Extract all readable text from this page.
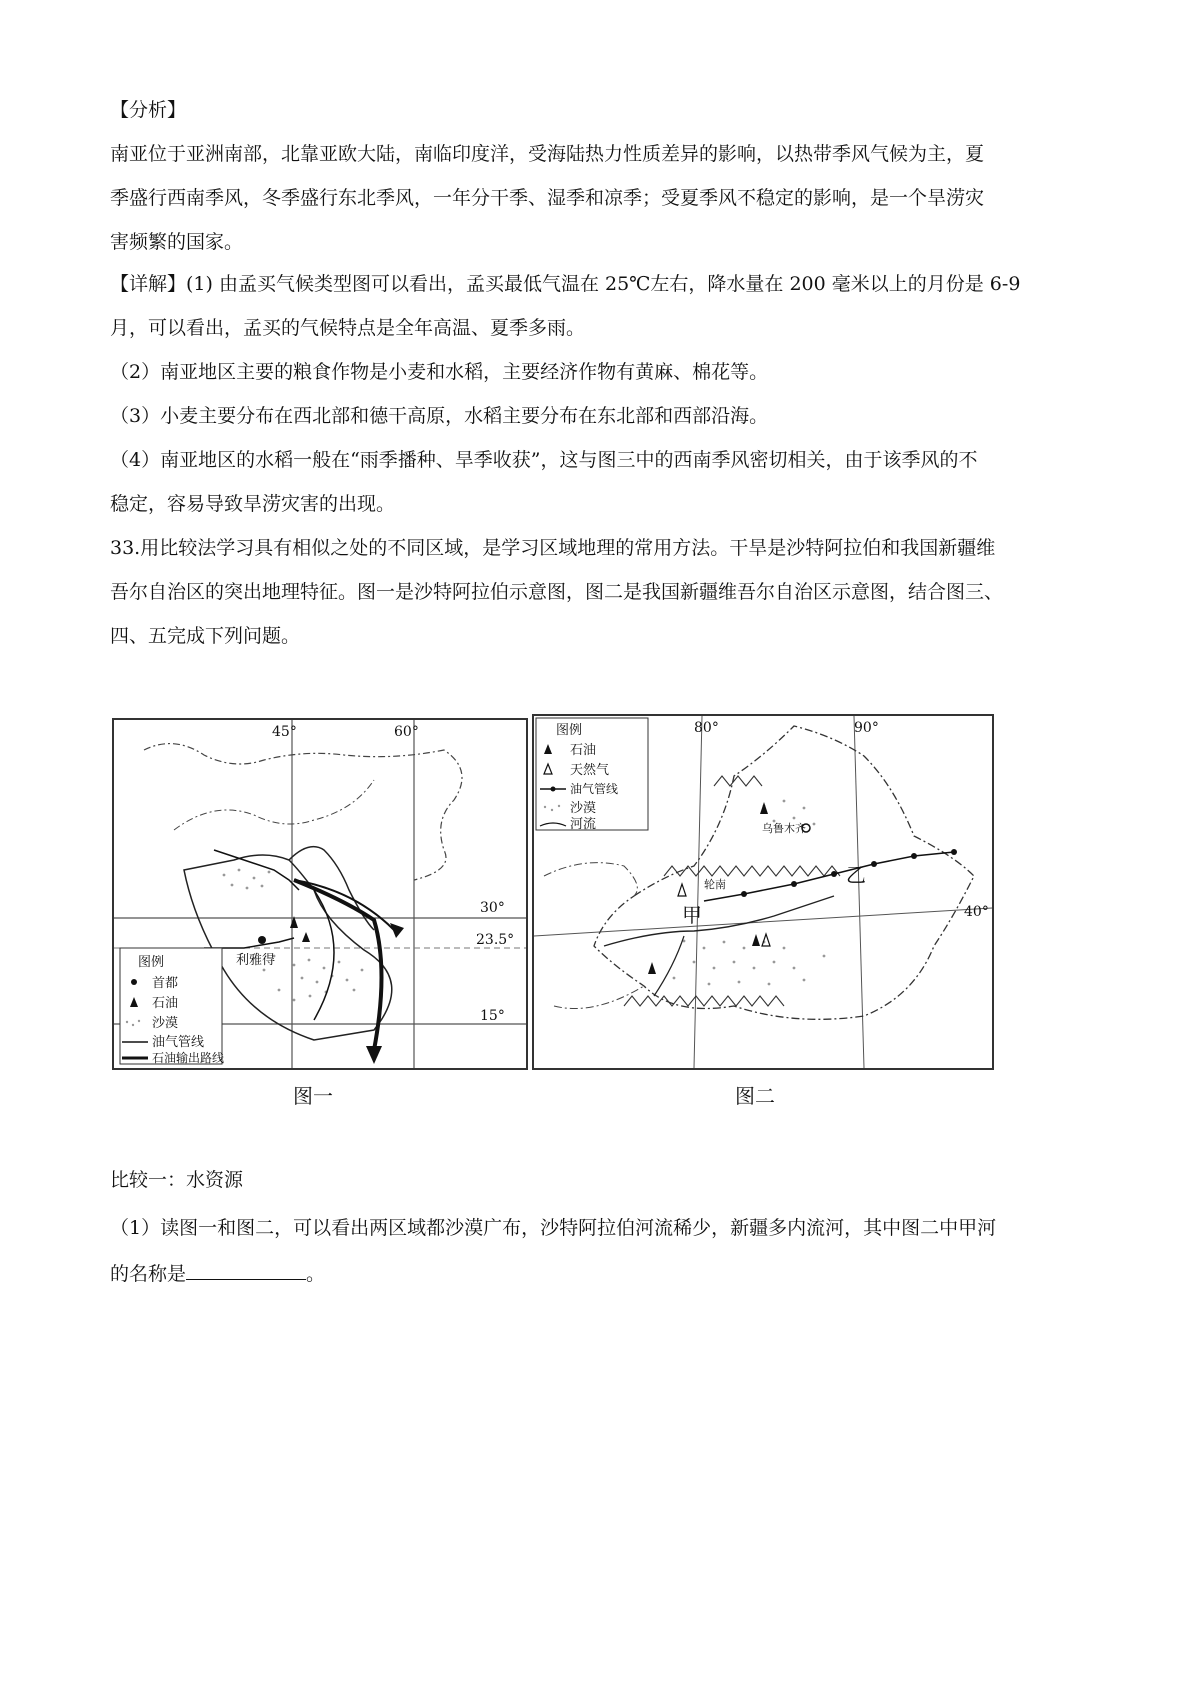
【分析】
南亚位于亚洲南部，北靠亚欧大陆，南临印度洋，受海陆热力性质差异的影响，以热带季风气候为主，夏
季盛行西南季风，冬季盛行东北季风，一年分干季、湿季和凉季；受夏季风不稳定的影响，是一个旱涝灾
害频繁的国家。
【详解】(1) 由孟买气候类型图可以看出，孟买最低气温在 25℃左右，降水量在 200 毫米以上的月份是 6-9
月，可以看出，孟买的气候特点是全年高温、夏季多雨。
（2）南亚地区主要的粮食作物是小麦和水稻，主要经济作物有黄麻、棉花等。
（3）小麦主要分布在西北部和德干高原，水稻主要分布在东北部和西部沿海。
（4）南亚地区的水稻一般在“雨季播种、旱季收获”，这与图三中的西南季风密切相关，由于该季风的不
稳定，容易导致旱涝灾害的出现。
33.用比较法学习具有相似之处的不同区域，是学习区域地理的常用方法。干旱是沙特阿拉伯和我国新疆维
吾尔自治区的突出地理特征。图一是沙特阿拉伯示意图，图二是我国新疆维吾尔自治区示意图，结合图三、
四、五完成下列问题。
45°	60°
30°
23.5°
15°
利雅得
图例
首都
石油
沙漠
油气管线
石油输出路线
图一
80°	90°
40°
乌鲁木齐
轮南
甲
乙
图例
石油
天然气
油气管线
沙漠
河流
图二
比较一：水资源
（1）读图一和图二，可以看出两区域都沙漠广布，沙特阿拉伯河流稀少，新疆多内流河，其中图二中甲河
的名称是	。
